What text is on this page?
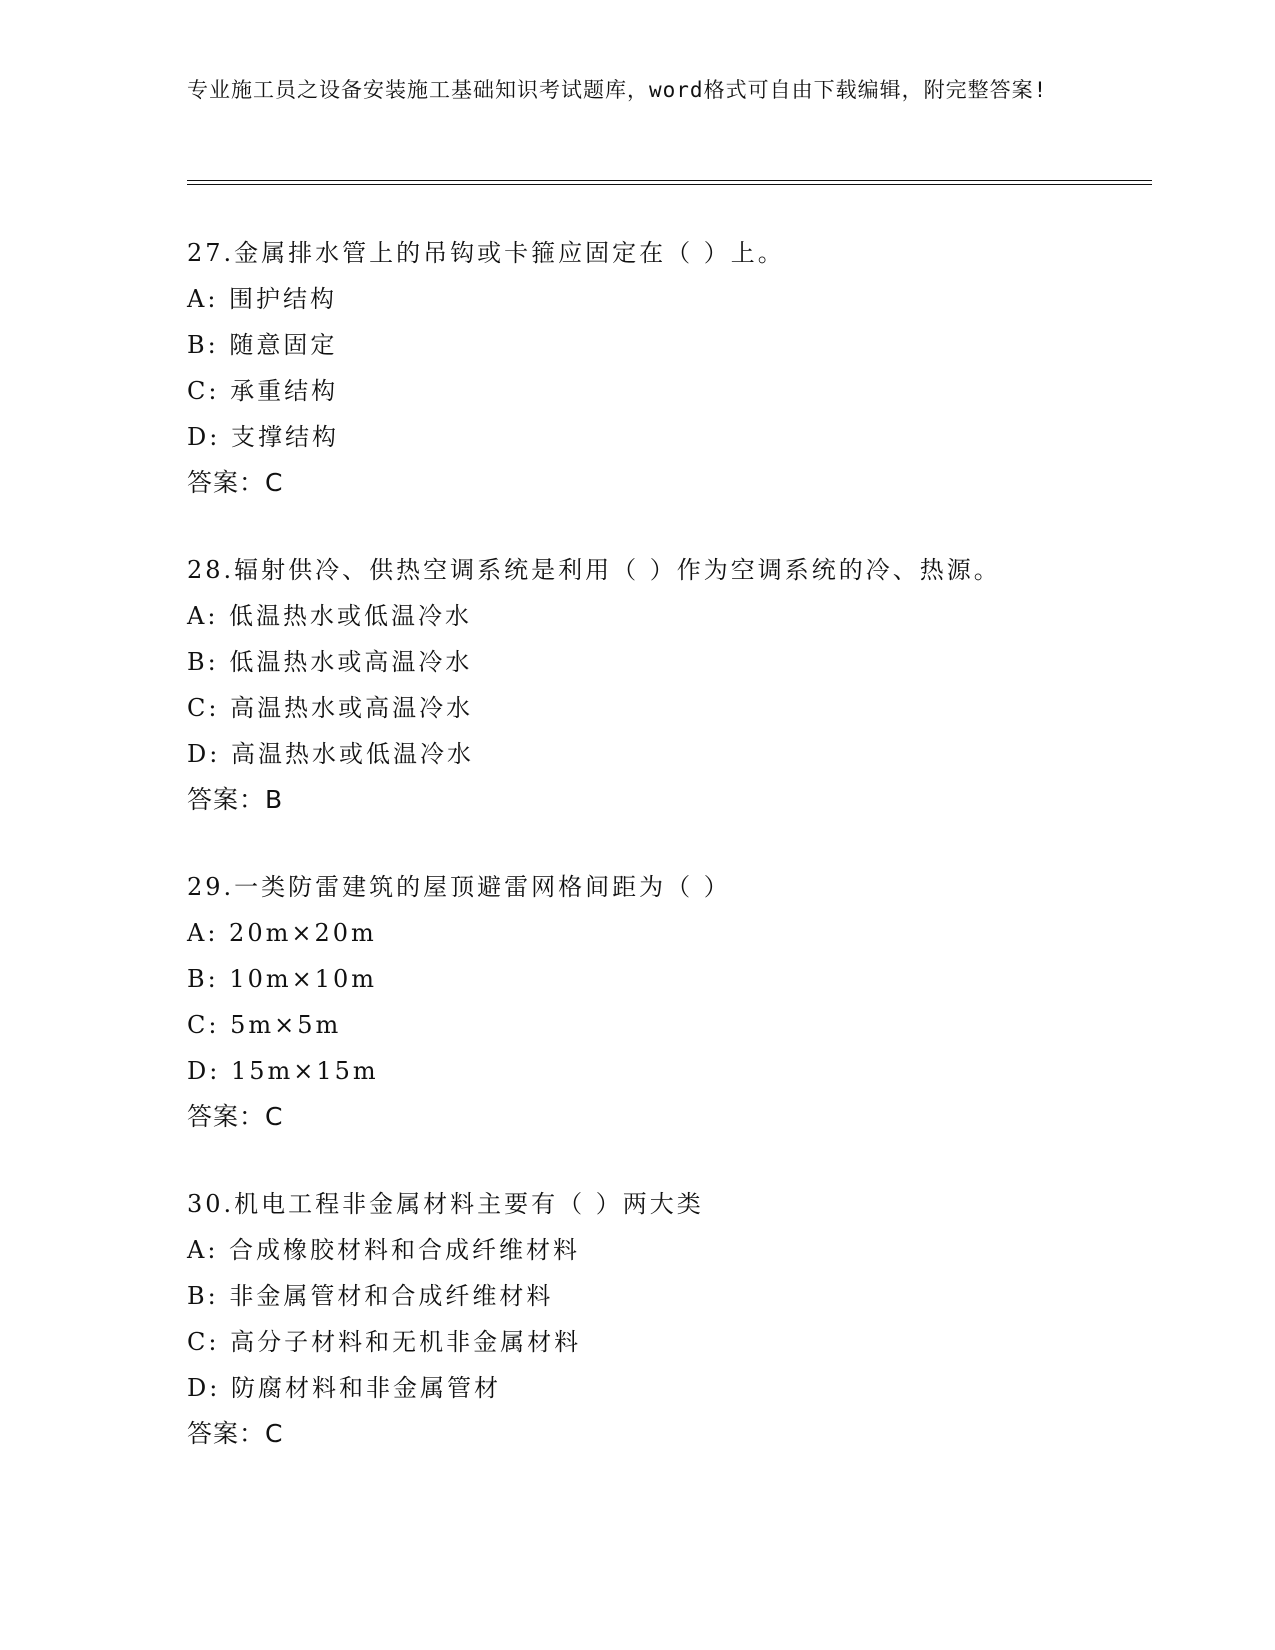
专业施工员之设备安装施工基础知识考试题库，word格式可自由下载编辑，附完整答案!
27.金属排水管上的吊钩或卡箍应固定在（ ）上。
A: 围护结构
B: 随意固定
C: 承重结构
D: 支撑结构
答案：C
28.辐射供冷、供热空调系统是利用（ ）作为空调系统的冷、热源。
A: 低温热水或低温冷水
B: 低温热水或高温冷水
C: 高温热水或高温冷水
D: 高温热水或低温冷水
答案：B
29.一类防雷建筑的屋顶避雷网格间距为（ ）
A: 20m×20m
B: 10m×10m
C: 5m×5m
D: 15m×15m
答案：C
30.机电工程非金属材料主要有（ ）两大类
A: 合成橡胶材料和合成纤维材料
B: 非金属管材和合成纤维材料
C: 高分子材料和无机非金属材料
D: 防腐材料和非金属管材
答案：C
